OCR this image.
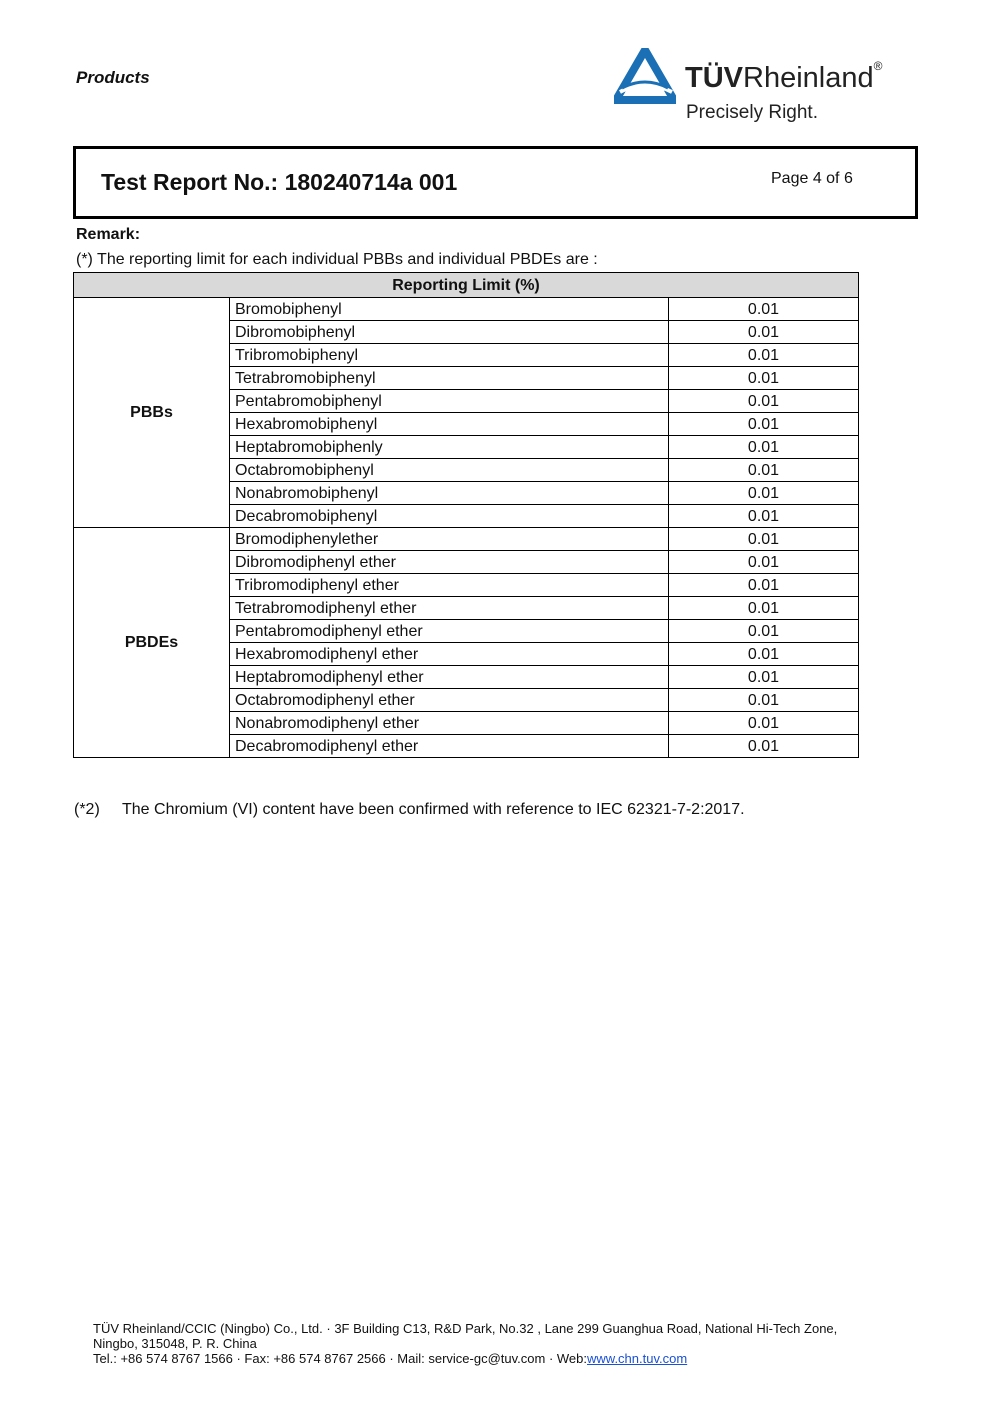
Products	TÜVRheinland®
Precisely Right.
Test Report No.: 180240714a 001	Page 4 of 6
Remark:
(*) The reporting limit for each individual PBBs and individual PBDEs are :
Reporting Limit (%)		
PBBs	Bromobiphenyl	0.01
	Dibromobiphenyl	0.01
	Tribromobiphenyl	0.01
	Tetrabromobiphenyl	0.01
	Pentabromobiphenyl	0.01
	Hexabromobiphenyl	0.01
	Heptabromobiphenly	0.01
	Octabromobiphenyl	0.01
	Nonabromobiphenyl	0.01
	Decabromobiphenyl	0.01
PBDEs	Bromodiphenylether	0.01
	Dibromodiphenyl ether	0.01
	Tribromodiphenyl ether	0.01
	Tetrabromodiphenyl ether	0.01
	Pentabromodiphenyl ether	0.01
	Hexabromodiphenyl ether	0.01
	Heptabromodiphenyl ether	0.01
	Octabromodiphenyl ether	0.01
	Nonabromodiphenyl ether	0.01
	Decabromodiphenyl ether	0.01
(*2) The Chromium (VI) content have been confirmed with reference to IEC 62321-7-2:2017.
TÜV Rheinland/CCIC (Ningbo) Co., Ltd. · 3F Building C13, R&D Park, No.32 , Lane 299 Guanghua Road, National Hi-Tech Zone,
Ningbo, 315048, P. R. China
Tel.: +86 574 8767 1566 · Fax: +86 574 8767 2566 · Mail: service-gc@tuv.com · Web:www.chn.tuv.com
